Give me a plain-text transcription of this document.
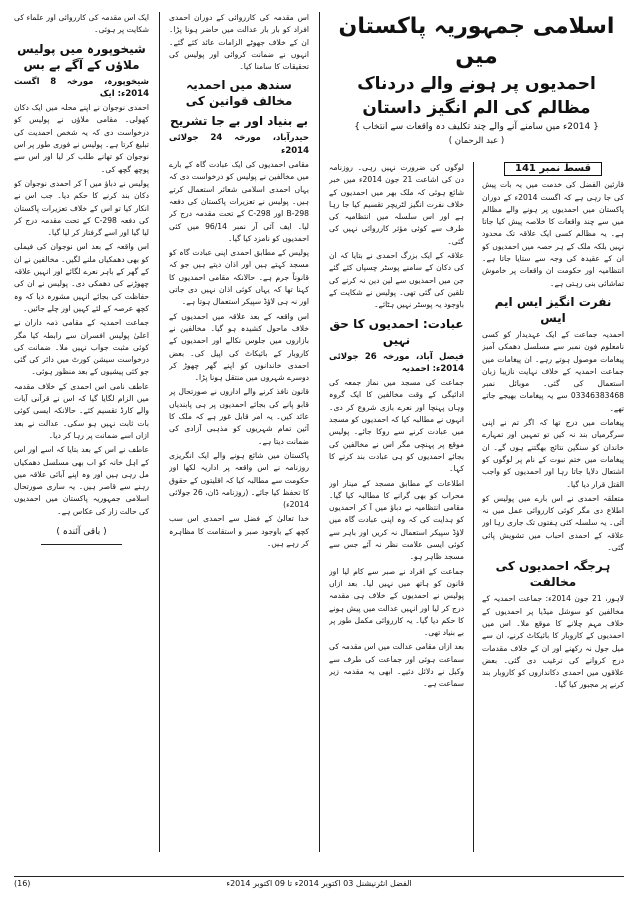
ایک اس مقدمہ کی کارروائی اور علماء کی شکایت پر ہوئی۔

شیخوپورہ میں پولیس ملاؤں کے آگے بے بس
شیخوپورہ، مورخہ 8 اگست 2014ء: ایک

احمدی نوجوان نے اپنے محلہ میں ایک دکان کھولی۔ مقامی ملاؤں نے پولیس کو درخواست دی کہ یہ شخص احمدیت کی تبلیغ کرتا ہے۔ پولیس نے فوری طور پر اس نوجوان کو تھانے طلب کر لیا اور اس سے پوچھ گچھ کی۔

پولیس نے دباؤ میں آ کر احمدی نوجوان کو دکان بند کرنے کا حکم دیا۔ جب اس نے انکار کیا تو اس کے خلاف تعزیرات پاکستان کی دفعہ 298-C کے تحت مقدمہ درج کر لیا گیا اور اسے گرفتار کر لیا گیا۔

اس واقعہ کے بعد اس نوجوان کی فیملی کو بھی دھمکیاں ملنے لگیں۔ مخالفین نے ان کے گھر کے باہر نعرے لگائے اور انہیں علاقہ چھوڑنے کی دھمکی دی۔ پولیس نے ان کی حفاظت کی بجائے انہیں مشورہ دیا کہ وہ کچھ عرصہ کے لئے کہیں اور چلے جائیں۔

جماعت احمدیہ کے مقامی ذمہ داران نے اعلیٰ پولیس افسران سے رابطہ کیا مگر کوئی مثبت جواب نہیں ملا۔ ضمانت کی درخواست سیشن کورٹ میں دائر کی گئی جو کئی پیشیوں کے بعد منظور ہوئی۔

عاطف نامی اس احمدی کے خلاف مقدمہ میں الزام لگایا گیا کہ اس نے قرآنی آیات والے کارڈ تقسیم کئے۔ حالانکہ ایسی کوئی بات ثابت نہیں ہو سکی۔ عدالت نے بعد ازاں اسے ضمانت پر رہا کر دیا۔

عاطف نے اس کے بعد بتایا کہ اسے اور اس کے اہل خانہ کو اب بھی مسلسل دھمکیاں مل رہی ہیں اور وہ اپنے آبائی علاقہ میں رہنے سے قاصر ہیں۔ یہ ساری صورتحال اسلامی جمہوریہ پاکستان میں احمدیوں کی حالت زار کی عکاس ہے۔

( باقی آئندہ )

اس مقدمہ کی کارروائی کے دوران احمدی افراد کو بار بار عدالت میں حاضر ہونا پڑا۔ ان کے خلاف جھوٹے الزامات عائد کئے گئے۔ انہوں نے ضمانت کروائی اور پولیس کی تحقیقات کا سامنا کیا۔

سندھ میں احمدیہ مخالف قوانین کی
بے بنیاد اور بے جا تشریح
حیدرآباد، مورخہ 24 جولائی 2014ء

مقامی احمدیوں کی ایک عبادت گاہ کے بارے میں مخالفین نے پولیس کو درخواست دی کہ یہاں احمدی اسلامی شعائر استعمال کرتے ہیں۔ پولیس نے تعزیرات پاکستان کی دفعہ 298-B اور 298-C کے تحت مقدمہ درج کر لیا۔ ایف آئی آر نمبر 96/14 میں کئی احمدیوں کو نامزد کیا گیا۔

پولیس کے مطابق احمدی اپنی عبادت گاہ کو مسجد کہتے ہیں اور اذان دیتے ہیں جو کہ قانوناً جرم ہے۔ حالانکہ مقامی احمدیوں کا کہنا تھا کہ یہاں کوئی اذان نہیں دی جاتی اور نہ ہی لاؤڈ سپیکر استعمال ہوتا ہے۔

اس واقعہ کے بعد علاقہ میں احمدیوں کے خلاف ماحول کشیدہ ہو گیا۔ مخالفین نے بازاروں میں جلوس نکالے اور احمدیوں کے کاروبار کے بائیکاٹ کی اپیل کی۔ بعض احمدی خاندانوں کو اپنے گھر چھوڑ کر دوسرے شہروں میں منتقل ہونا پڑا۔

قانون نافذ کرنے والے اداروں نے صورتحال پر قابو پانے کی بجائے احمدیوں پر ہی پابندیاں عائد کیں۔ یہ امر قابل غور ہے کہ ملک کا آئین تمام شہریوں کو مذہبی آزادی کی ضمانت دیتا ہے۔

پاکستان میں شائع ہونے والے ایک انگریزی روزنامہ نے اس واقعہ پر اداریہ لکھا اور حکومت سے مطالبہ کیا کہ اقلیتوں کے حقوق کا تحفظ کیا جائے۔ (روزنامہ ڈان، 26 جولائی 2014ء)

خدا تعالیٰ کے فضل سے احمدی اس سب کچھ کے باوجود صبر و استقامت کا مظاہرہ کر رہے ہیں۔

اسلامی جمہوریہ پاکستان میں
احمدیوں پر ہونے والے دردناک مظالم کی الم انگیز داستان
{ 2014ء میں سامنے آنے والے چند تکلیف دہ واقعات سے انتخاب }
( عبد الرحمان )

لوگوں کی ضرورت نہیں رہی۔ روزنامہ دن کی اشاعت 21 جون 2014ء میں خبر شائع ہوئی کہ ملک بھر میں احمدیوں کے خلاف نفرت انگیز لٹریچر تقسیم کیا جا رہا ہے اور اس سلسلہ میں انتظامیہ کی طرف سے کوئی مؤثر کارروائی نہیں کی گئی۔

علاقہ کے ایک بزرگ احمدی نے بتایا کہ ان کی دکان کے سامنے پوسٹر چسپاں کئے گئے جن میں احمدیوں سے لین دین نہ کرنے کی تلقین کی گئی تھی۔ پولیس نے شکایت کے باوجود یہ پوسٹر نہیں ہٹائے۔

عبادت: احمدیوں کا حق نہیں
فیصل آباد، مورخہ 26 جولائی 2014ء: احمدیہ

جماعت کی مسجد میں نماز جمعہ کی ادائیگی کے وقت مخالفین کا ایک گروہ وہاں پہنچا اور نعرے بازی شروع کر دی۔ انہوں نے مطالبہ کیا کہ احمدیوں کو مسجد میں عبادت کرنے سے روکا جائے۔ پولیس موقع پر پہنچی مگر اس نے مخالفین کی بجائے احمدیوں کو ہی عبادت بند کرنے کا کہا۔

اطلاعات کے مطابق مسجد کے مینار اور محراب کو بھی گرانے کا مطالبہ کیا گیا۔ مقامی انتظامیہ نے دباؤ میں آ کر احمدیوں کو ہدایت کی کہ وہ اپنی عبادت گاہ میں لاؤڈ سپیکر استعمال نہ کریں اور باہر سے کوئی ایسی علامت نظر نہ آئے جس سے مسجد ظاہر ہو۔

جماعت کے افراد نے صبر سے کام لیا اور قانون کو ہاتھ میں نہیں لیا۔ بعد ازاں پولیس نے احمدیوں کے خلاف ہی مقدمہ درج کر لیا اور انہیں عدالت میں پیش ہونے کا حکم دیا گیا۔ یہ کارروائی مکمل طور پر بے بنیاد تھی۔

بعد ازاں مقامی عدالت میں اس مقدمہ کی سماعت ہوئی اور جماعت کی طرف سے وکیل نے دلائل دئیے۔ ابھی یہ مقدمہ زیر سماعت ہے۔

قسط نمبر 141

قارئین الفضل کی خدمت میں یہ بات پیش کی جا رہی ہے کہ اگست 2014ء کے دوران پاکستان میں احمدیوں پر ہونے والے مظالم میں سے چند واقعات کا خلاصہ پیش کیا جاتا ہے۔ یہ مظالم کسی ایک علاقہ تک محدود نہیں بلکہ ملک کے ہر حصہ میں احمدیوں کو ان کے عقیدہ کی وجہ سے ستایا جاتا ہے۔ انتظامیہ اور حکومت ان واقعات پر خاموش تماشائی بنی رہتی ہے۔

نفرت انگیز ایس ایم ایس

احمدیہ جماعت کے ایک عہدیدار کو کسی نامعلوم فون نمبر سے مسلسل دھمکی آمیز پیغامات موصول ہوتے رہے۔ ان پیغامات میں جماعت احمدیہ کے خلاف نہایت نازیبا زبان استعمال کی گئی۔ موبائل نمبر 03346383468 سے یہ پیغامات بھیجے جاتے تھے۔

پیغامات میں درج تھا کہ اگر تم نے اپنی سرگرمیاں بند نہ کیں تو تمہیں اور تمہارے خاندان کو سنگین نتائج بھگتنے ہوں گے۔ ان پیغامات میں ختم نبوت کے نام پر لوگوں کو اشتعال دلایا جاتا رہا اور احمدیوں کو واجب القتل قرار دیا گیا۔

متعلقہ احمدی نے اس بارے میں پولیس کو اطلاع دی مگر کوئی کارروائی عمل میں نہ آئی۔ یہ سلسلہ کئی ہفتوں تک جاری رہا اور علاقہ کے احمدی احباب میں تشویش پائی گئی۔

ہرجگہ احمدیوں کی مخالفت

لاہور، 21 جون 2014ء: جماعت احمدیہ کے مخالفین کو سوشل میڈیا پر احمدیوں کے خلاف مہم چلانے کا موقع ملا۔ اس میں احمدیوں کے کاروبار کا بائیکاٹ کرنے، ان سے میل جول نہ رکھنے اور ان کے خلاف مقدمات درج کروانے کی ترغیب دی گئی۔ بعض علاقوں میں احمدی دکانداروں کو کاروبار بند کرنے پر مجبور کیا گیا۔

الفضل انٹرنیشنل 03 اکتوبر 2014ء تا 09 اکتوبر 2014ء
(16)
